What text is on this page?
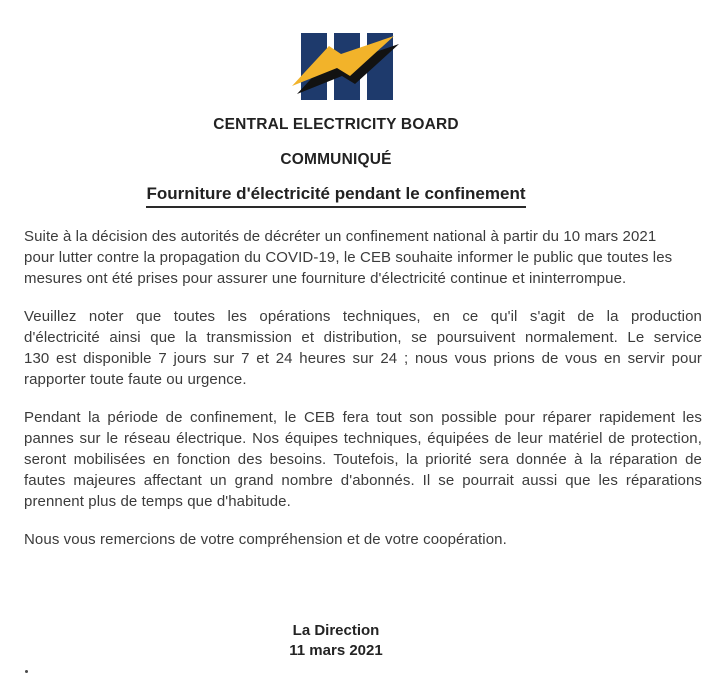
CENTRAL ELECTRICITY BOARD
COMMUNIQUÉ
Fourniture d'électricité pendant le confinement
Suite à la décision des autorités de décréter un confinement national à partir du 10 mars 2021
pour lutter contre la propagation du COVID-19, le CEB souhaite informer le public que toutes les
mesures ont été prises pour assurer une fourniture d'électricité continue et ininterrompue.
Veuillez noter que toutes les opérations techniques, en ce qu'il s'agit de la production
d'électricité ainsi que la transmission et distribution, se poursuivent normalement. Le service
130 est disponible 7 jours sur 7 et 24 heures sur 24 ; nous vous prions de vous en servir pour
rapporter toute faute ou urgence.
Pendant la période de confinement, le CEB fera tout son possible pour réparer rapidement les
pannes sur le réseau électrique. Nos équipes techniques, équipées de leur matériel de protection,
seront mobilisées en fonction des besoins. Toutefois, la priorité sera donnée à la réparation de
fautes majeures affectant un grand nombre d'abonnés. Il se pourrait aussi que les réparations
prennent plus de temps que d'habitude.
Nous vous remercions de votre compréhension et de votre coopération.
La Direction
11 mars 2021
